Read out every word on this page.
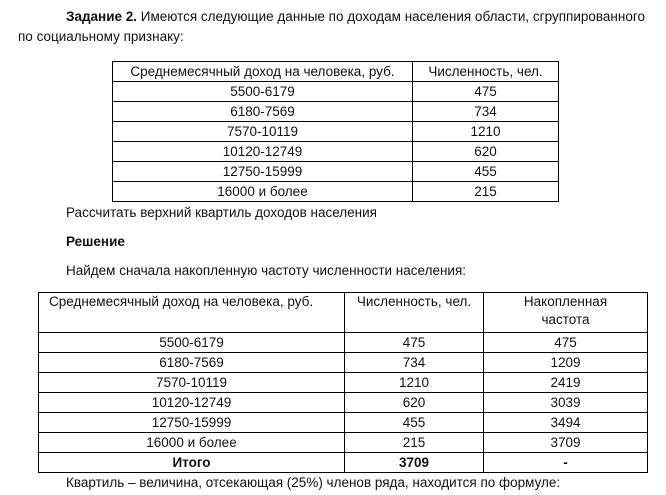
Задание 2. Имеются следующие данные по доходам населения области, сгруппированного
по социальному признаку:
Среднемесячный доход на человека, руб.	Численность, чел.
5500-6179	475
6180-7569	734
7570-10119	1210
10120-12749	620
12750-15999	455
16000 и более	215
Рассчитать верхний квартиль доходов населения
Решение
Найдем сначала накопленную частоту численности населения:
Среднемесячный доход на человека, руб.	Численность, чел.	Накопленная
частота

5500-6179	475	475
6180-7569	734	1209
7570-10119	1210	2419
10120-12749	620	3039
12750-15999	455	3494
16000 и более	215	3709
Итого	3709	-
Квартиль – величина, отсекающая (25%) членов ряда, находится по формуле:
